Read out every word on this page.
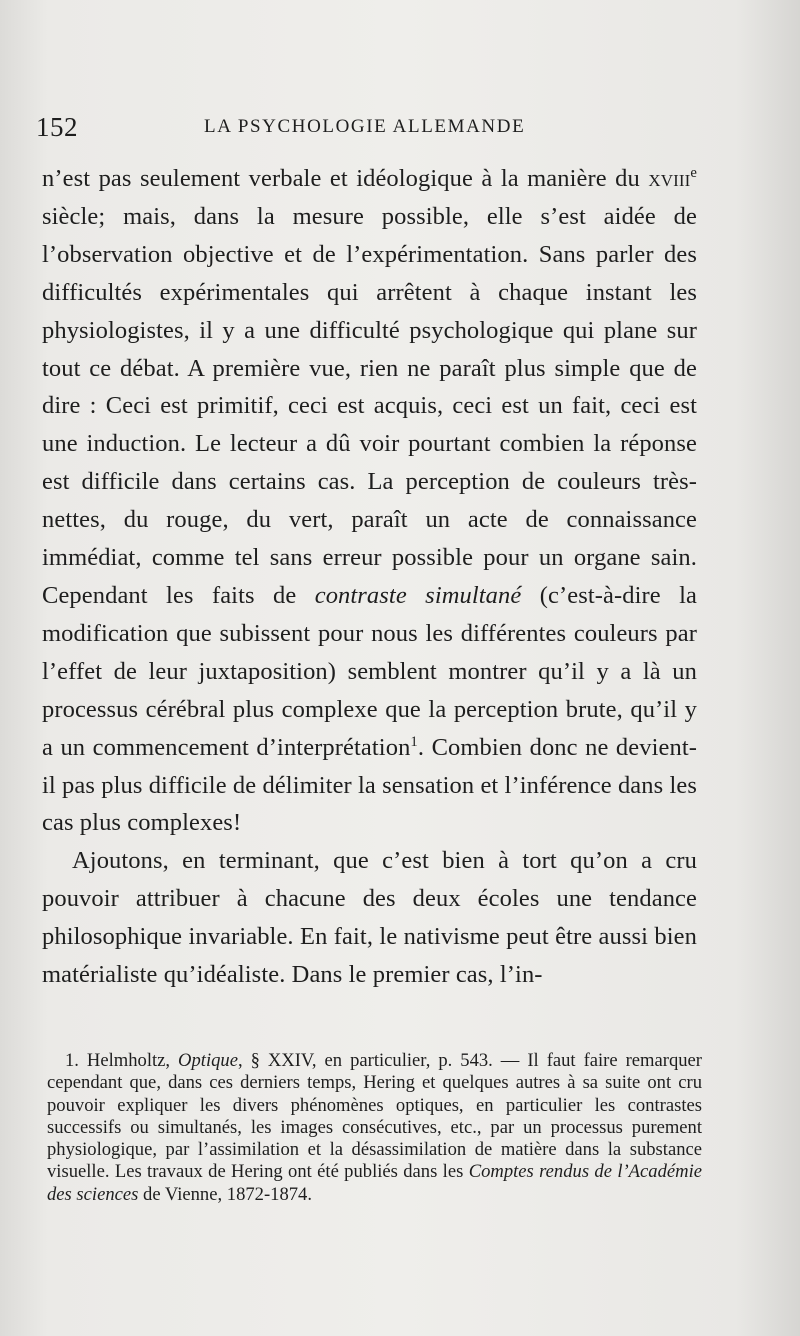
152	LA PSYCHOLOGIE ALLEMANDE

n’est pas seulement verbale et idéologique à la manière du xviii$^e$ siècle; mais, dans la mesure possible, elle s’est aidée de l’observation objective et de l’expérimentation. Sans parler des difficultés expérimentales qui arrêtent à chaque instant les physiologistes, il y a une difficulté psychologique qui plane sur tout ce débat. A première vue, rien ne paraît plus simple que de dire : Ceci est primitif, ceci est acquis, ceci est un fait, ceci est une induction. Le lecteur a dû voir pourtant combien la réponse est difficile dans certains cas. La perception de couleurs très-nettes, du rouge, du vert, paraît un acte de connaissance immédiat, comme tel sans erreur possible pour un organe sain. Cependant les faits de contraste simultané (c’est-à-dire la modification que subissent pour nous les différentes couleurs par l’effet de leur juxtaposition) semblent montrer qu’il y a là un processus cérébral plus complexe que la perception brute, qu’il y a un commencement d’interprétation$^1$. Combien donc ne devient-il pas plus difficile de délimiter la sensation et l’inférence dans les cas plus complexes!

Ajoutons, en terminant, que c’est bien à tort qu’on a cru pouvoir attribuer à chacune des deux écoles une tendance philosophique invariable. En fait, le nativisme peut être aussi bien matérialiste qu’idéaliste. Dans le premier cas, l’in-

1. Helmholtz, Optique, § XXIV, en particulier, p. 543. — Il faut faire remarquer cependant que, dans ces derniers temps, Hering et quelques autres à sa suite ont cru pouvoir expliquer les divers phénomènes optiques, en particulier les contrastes successifs ou simultanés, les images consécutives, etc., par un processus purement physiologique, par l’assimilation et la désassimilation de matière dans la substance visuelle. Les travaux de Hering ont été publiés dans les Comptes rendus de l’Académie des sciences de Vienne, 1872-1874.
